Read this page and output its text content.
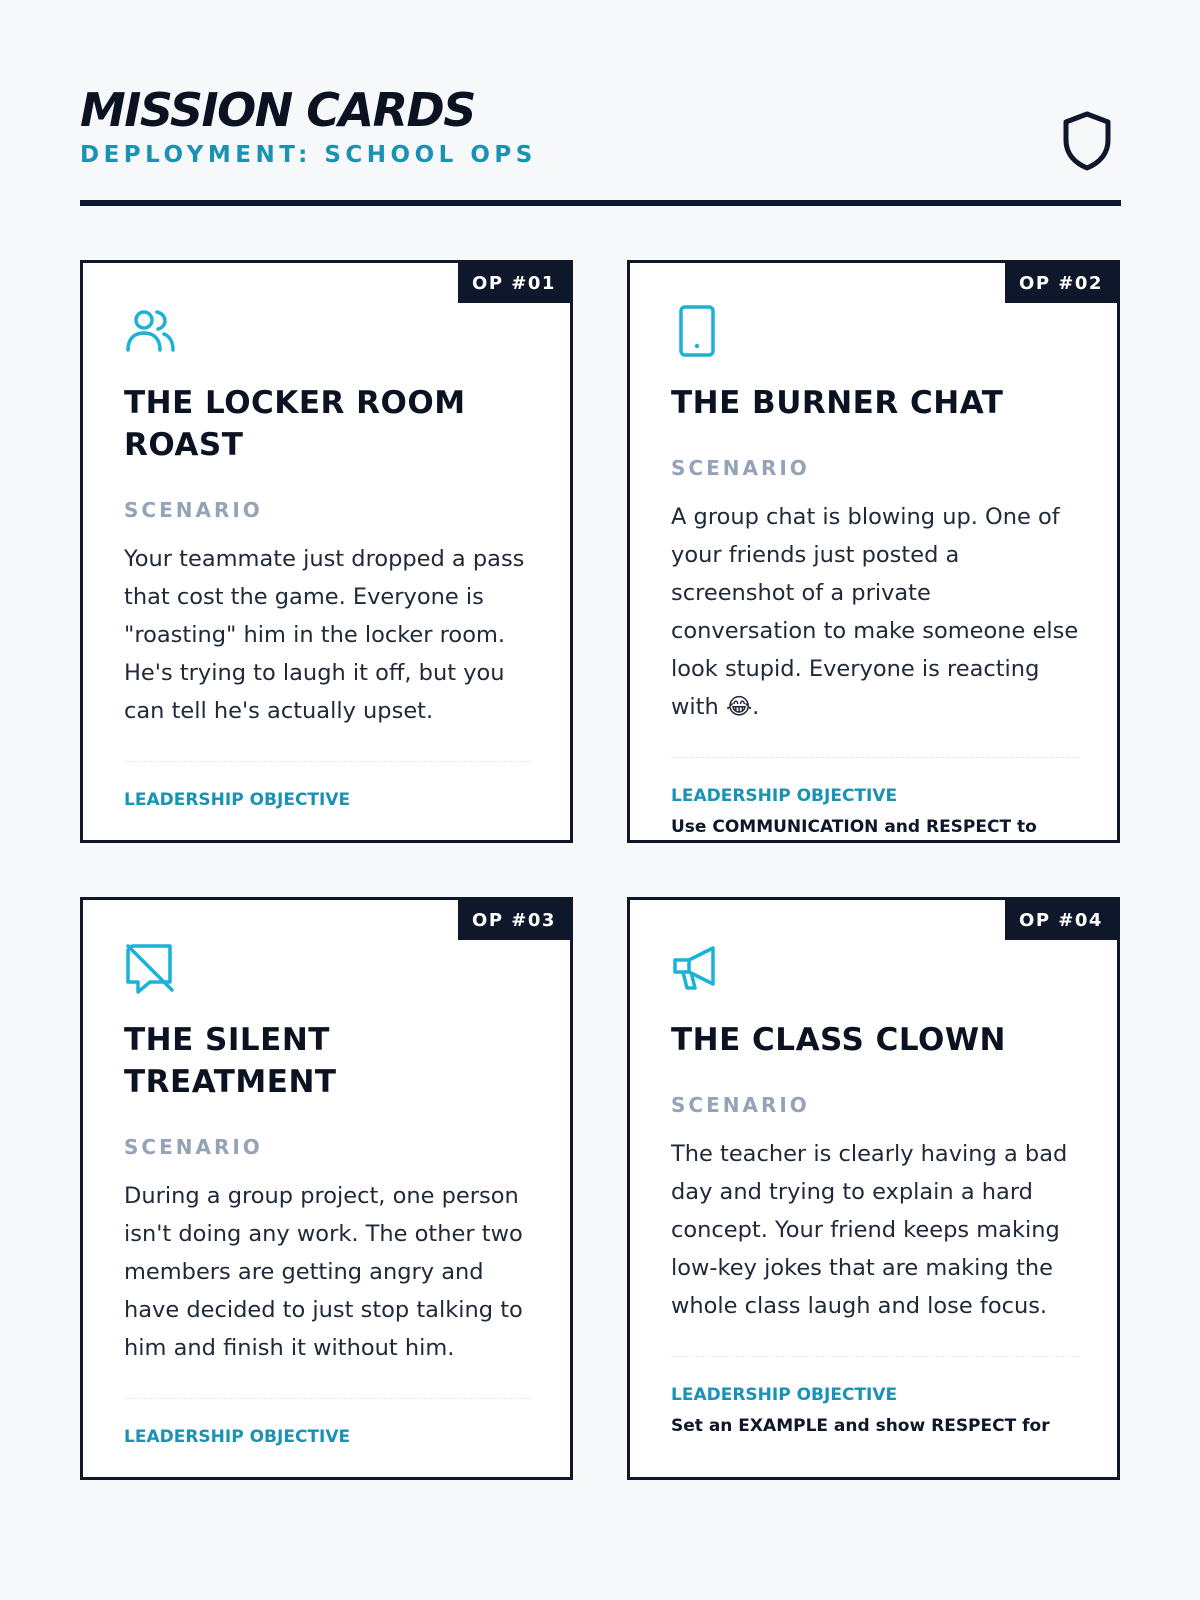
MISSION CARDS
DEPLOYMENT: SCHOOL OPS
OP #01
THE LOCKER ROOM ROAST
SCENARIO
Your teammate just dropped a pass that cost the game. Everyone is "roasting" him in the locker room. He's trying to laugh it off, but you can tell he's actually upset.
LEADERSHIP OBJECTIVE
OP #02
THE BURNER CHAT
SCENARIO
A group chat is blowing up. One of your friends just posted a screenshot of a private conversation to make someone else look stupid. Everyone is reacting with 😂.
LEADERSHIP OBJECTIVE
Use COMMUNICATION and RESPECT to
OP #03
THE SILENT TREATMENT
SCENARIO
During a group project, one person isn't doing any work. The other two members are getting angry and have decided to just stop talking to him and finish it without him.
LEADERSHIP OBJECTIVE
OP #04
THE CLASS CLOWN
SCENARIO
The teacher is clearly having a bad day and trying to explain a hard concept. Your friend keeps making low-key jokes that are making the whole class laugh and lose focus.
LEADERSHIP OBJECTIVE
Set an EXAMPLE and show RESPECT for
